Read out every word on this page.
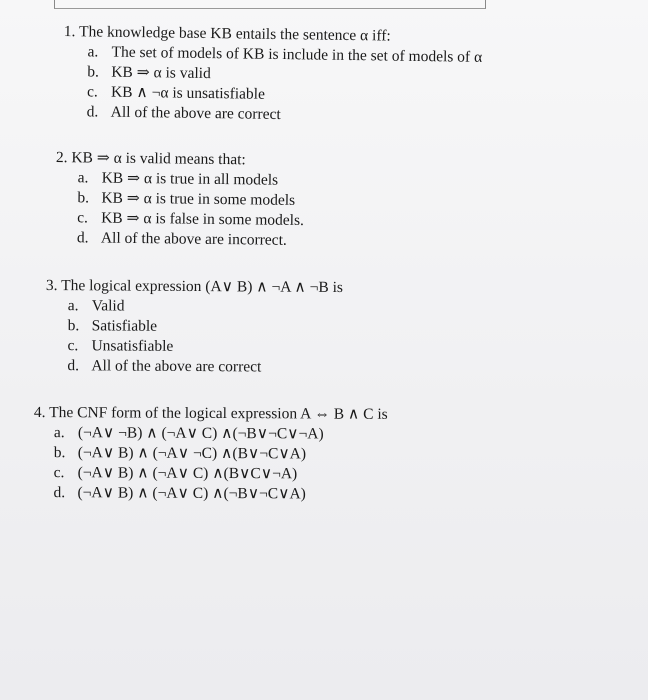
1. The knowledge base KB entails the sentence α iff:
a. The set of models of KB is include in the set of models of α
b. KB ⇒ α is valid
c. KB ∧ ¬α is unsatisfiable
d. All of the above are correct
2. KB ⇒ α is valid means that:
a. KB ⇒ α is true in all models
b. KB ⇒ α is true in some models
c. KB ⇒ α is false in some models.
d. All of the above are incorrect.
3. The logical expression (A∨ B) ∧ ¬A ∧ ¬B is
a. Valid
b. Satisfiable
c. Unsatisfiable
d. All of the above are correct
4. The CNF form of the logical expression A ⇔ B ∧ C is
a. (¬A∨ ¬B) ∧ (¬A∨ C) ∧(¬B∨¬C∨¬A)
b. (¬A∨ B) ∧ (¬A∨ ¬C) ∧(B∨¬C∨A)
c. (¬A∨ B) ∧ (¬A∨ C) ∧(B∨C∨¬A)
d. (¬A∨ B) ∧ (¬A∨ C) ∧(¬B∨¬C∨A)
